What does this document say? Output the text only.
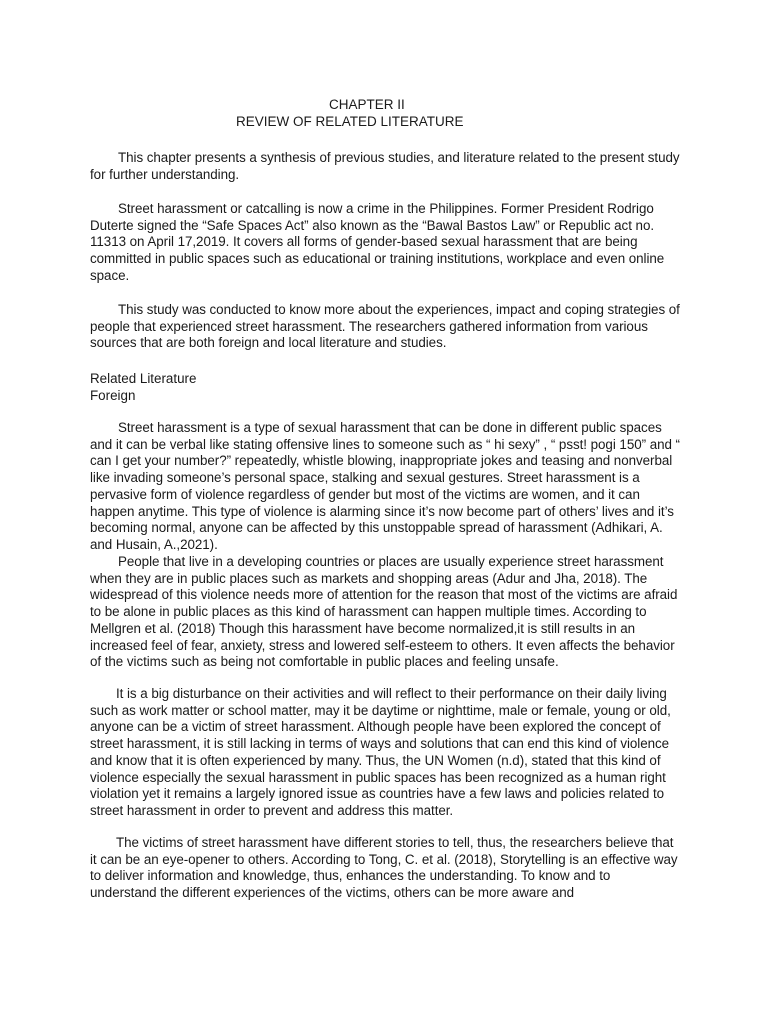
CHAPTER II
REVIEW OF RELATED LITERATURE

This chapter presents a synthesis of previous studies, and literature related to the present study for further understanding.

Street harassment or catcalling is now a crime in the Philippines. Former President Rodrigo Duterte signed the “Safe Spaces Act” also known as the “Bawal Bastos Law” or Republic act no. 11313 on April 17,2019. It covers all forms of gender-based sexual harassment that are being committed in public spaces such as educational or training institutions, workplace and even online space.

This study was conducted to know more about the experiences, impact and coping strategies of people that experienced street harassment. The researchers gathered information from various sources that are both foreign and local literature and studies.

Related Literature

Foreign

Street harassment is a type of sexual harassment that can be done in different public spaces and it can be verbal like stating offensive lines to someone such as “ hi sexy” , “ psst! pogi 150” and “ can I get your number?” repeatedly, whistle blowing, inappropriate jokes and teasing and nonverbal like invading someone’s personal space, stalking and sexual gestures. Street harassment is a pervasive form of violence regardless of gender but most of the victims are women, and it can happen anytime. This type of violence is alarming since it’s now become part of others’ lives and it’s becoming normal, anyone can be affected by this unstoppable spread of harassment (Adhikari, A. and Husain, A.,2021).

People that live in a developing countries or places are usually experience street harassment when they are in public places such as markets and shopping areas (Adur and Jha, 2018). The widespread of this violence needs more of attention for the reason that most of the victims are afraid to be alone in public places as this kind of harassment can happen multiple times. According to Mellgren et al. (2018) Though this harassment have become normalized,it is still results in an increased feel of fear, anxiety, stress and lowered self-esteem to others. It even affects the behavior of the victims such as being not comfortable in public places and feeling unsafe.

It is a big disturbance on their activities and will reflect to their performance on their daily living such as work matter or school matter, may it be daytime or nighttime, male or female, young or old, anyone can be a victim of street harassment. Although people have been explored the concept of street harassment, it is still lacking in terms of ways and solutions that can end this kind of violence and know that it is often experienced by many. Thus, the UN Women (n.d), stated that this kind of violence especially the sexual harassment in public spaces has been recognized as a human right violation yet it remains a largely ignored issue as countries have a few laws and policies related to street harassment in order to prevent and address this matter.

The victims of street harassment have different stories to tell, thus, the researchers believe that it can be an eye-opener to others. According to Tong, C. et al. (2018), Storytelling is an effective way to deliver information and knowledge, thus, enhances the understanding. To know and to understand the different experiences of the victims, others can be more aware and
